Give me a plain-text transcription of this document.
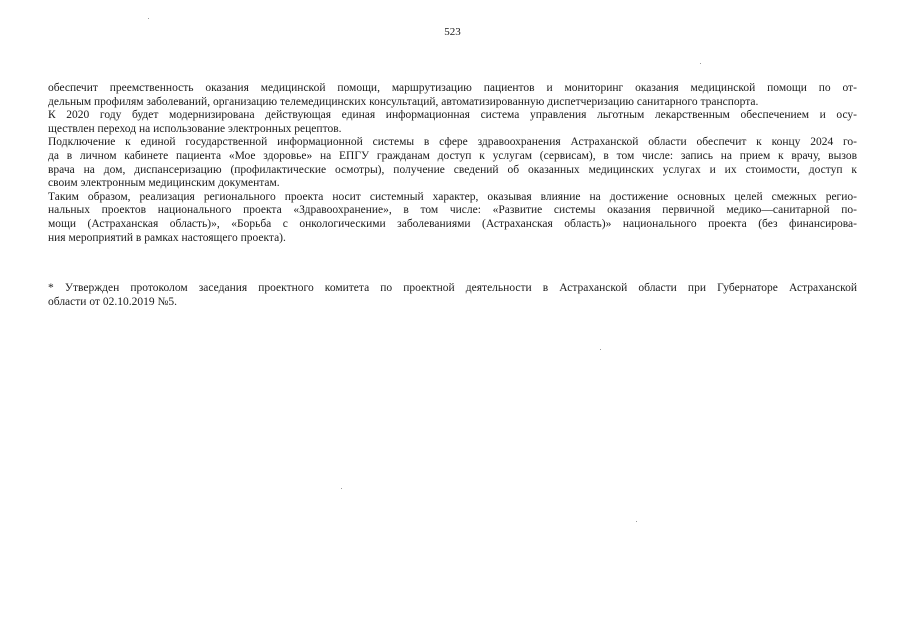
523
обеспечит преемственность оказания медицинской помощи, маршрутизацию пациентов и мониторинг оказания медицинской помощи по от-
дельным профилям заболеваний, организацию телемедицинских консультаций, автоматизированную диспетчеризацию санитарного транспорта.
К 2020 году будет модернизирована действующая единая информационная система управления льготным лекарственным обеспечением и осу-
ществлен переход на использование электронных рецептов.
Подключение к единой государственной информационной системы в сфере здравоохранения Астраханской области обеспечит к концу 2024 го-
да в личном кабинете пациента «Мое здоровье» на ЕПГУ гражданам доступ к услугам (сервисам), в том числе: запись на прием к врачу, вызов
врача на дом, диспансеризацию (профилактические осмотры), получение сведений об оказанных медицинских услугах и их стоимости, доступ к
своим электронным медицинским документам.
Таким образом, реализация регионального проекта носит системный характер, оказывая влияние на достижение основных целей смежных регио-
нальных проектов национального проекта «Здравоохранение», в том числе: «Развитие системы оказания первичной медико—санитарной по-
мощи (Астраханская область)», «Борьба с онкологическими заболеваниями (Астраханская область)» национального проекта (без финансирова-
ния мероприятий в рамках настоящего проекта).
* Утвержден протоколом заседания проектного комитета по проектной деятельности в Астраханской области при Губернаторе Астраханской
области от 02.10.2019 №5.
